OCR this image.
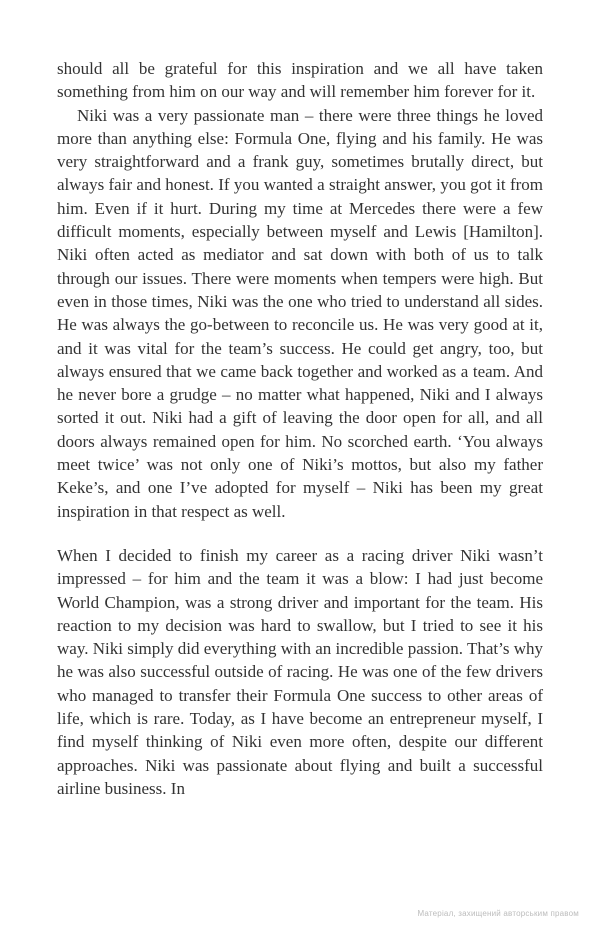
should all be grateful for this inspiration and we all have taken something from him on our way and will remember him forever for it.

Niki was a very passionate man – there were three things he loved more than anything else: Formula One, flying and his family. He was very straightforward and a frank guy, sometimes brutally direct, but always fair and honest. If you wanted a straight answer, you got it from him. Even if it hurt. During my time at Mercedes there were a few difficult moments, especially between myself and Lewis [Hamilton]. Niki often acted as mediator and sat down with both of us to talk through our issues. There were moments when tempers were high. But even in those times, Niki was the one who tried to understand all sides. He was always the go-between to reconcile us. He was very good at it, and it was vital for the team’s success. He could get angry, too, but always ensured that we came back together and worked as a team. And he never bore a grudge – no matter what happened, Niki and I always sorted it out. Niki had a gift of leaving the door open for all, and all doors always remained open for him. No scorched earth. ‘You always meet twice’ was not only one of Niki’s mottos, but also my father Keke’s, and one I’ve adopted for myself – Niki has been my great inspiration in that respect as well.

When I decided to finish my career as a racing driver Niki wasn’t impressed – for him and the team it was a blow: I had just become World Champion, was a strong driver and important for the team. His reaction to my decision was hard to swallow, but I tried to see it his way. Niki simply did everything with an incredible passion. That’s why he was also successful outside of racing. He was one of the few drivers who managed to transfer their Formula One success to other areas of life, which is rare. Today, as I have become an entrepreneur myself, I find myself thinking of Niki even more often, despite our different approaches. Niki was passionate about flying and built a successful airline business. In

Матеріал, захищений авторським правом
